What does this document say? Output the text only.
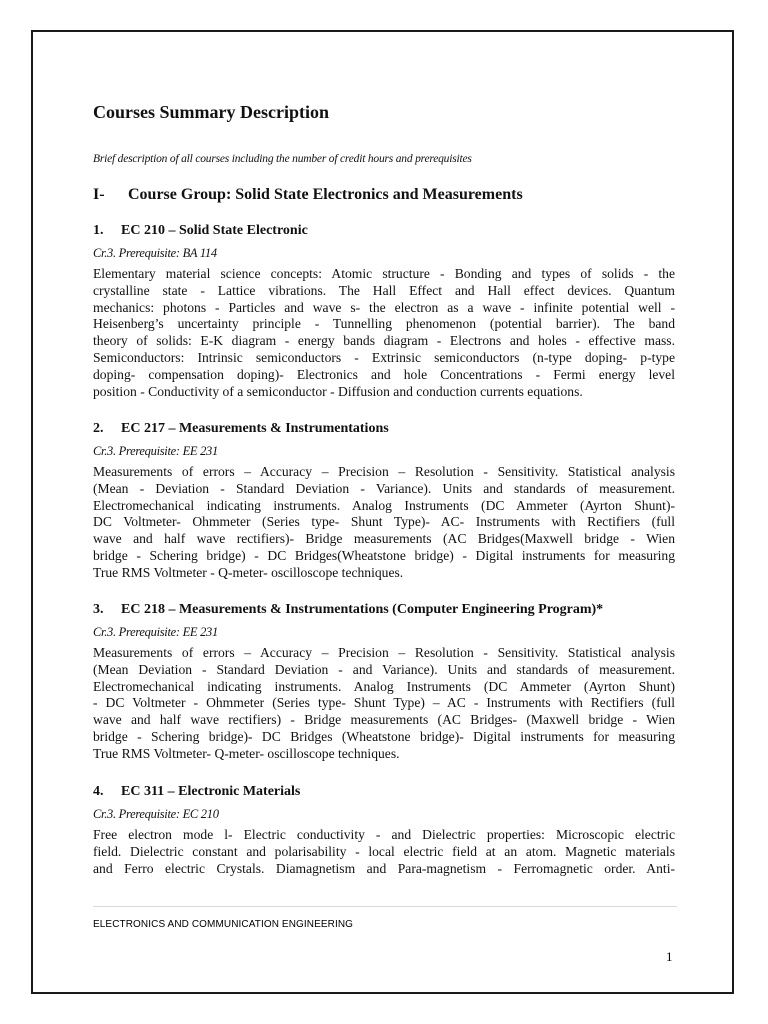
Courses Summary Description
Brief description of all courses including the number of credit hours and prerequisites
I- Course Group: Solid State Electronics and Measurements
1. EC 210 – Solid State Electronic
Cr.3. Prerequisite: BA 114
Elementary material science concepts: Atomic structure - Bonding and types of solids - the
crystalline state - Lattice vibrations. The Hall Effect and Hall effect devices. Quantum
mechanics: photons - Particles and wave s- the electron as a wave - infinite potential well -
Heisenberg’s uncertainty principle - Tunnelling phenomenon (potential barrier). The band
theory of solids: E-K diagram - energy bands diagram - Electrons and holes - effective mass.
Semiconductors: Intrinsic semiconductors - Extrinsic semiconductors (n-type doping- p-type
doping- compensation doping)- Electronics and hole Concentrations - Fermi energy level
position - Conductivity of a semiconductor - Diffusion and conduction currents equations.
2. EC 217 – Measurements & Instrumentations
Cr.3. Prerequisite: EE 231
Measurements of errors – Accuracy – Precision – Resolution - Sensitivity. Statistical analysis
(Mean - Deviation - Standard Deviation - Variance). Units and standards of measurement.
Electromechanical indicating instruments. Analog Instruments (DC Ammeter (Ayrton Shunt)-
DC Voltmeter- Ohmmeter (Series type- Shunt Type)- AC- Instruments with Rectifiers (full
wave and half wave rectifiers)- Bridge measurements (AC Bridges(Maxwell bridge - Wien
bridge - Schering bridge) - DC Bridges(Wheatstone bridge) - Digital instruments for measuring
True RMS Voltmeter - Q-meter- oscilloscope techniques.
3. EC 218 – Measurements & Instrumentations (Computer Engineering Program)*
Cr.3. Prerequisite: EE 231
Measurements of errors – Accuracy – Precision – Resolution - Sensitivity. Statistical analysis
(Mean Deviation - Standard Deviation - and Variance). Units and standards of measurement.
Electromechanical indicating instruments. Analog Instruments (DC Ammeter (Ayrton Shunt)
- DC Voltmeter - Ohmmeter (Series type- Shunt Type) – AC - Instruments with Rectifiers (full
wave and half wave rectifiers) - Bridge measurements (AC Bridges- (Maxwell bridge - Wien
bridge - Schering bridge)- DC Bridges (Wheatstone bridge)- Digital instruments for measuring
True RMS Voltmeter- Q-meter- oscilloscope techniques.
4. EC 311 – Electronic Materials
Cr.3. Prerequisite: EC 210
Free electron mode l- Electric conductivity - and Dielectric properties: Microscopic electric
field. Dielectric constant and polarisability - local electric field at an atom. Magnetic materials
and Ferro electric Crystals. Diamagnetism and Para-magnetism - Ferromagnetic order. Anti-
ELECTRONICS AND COMMUNICATION ENGINEERING
1
